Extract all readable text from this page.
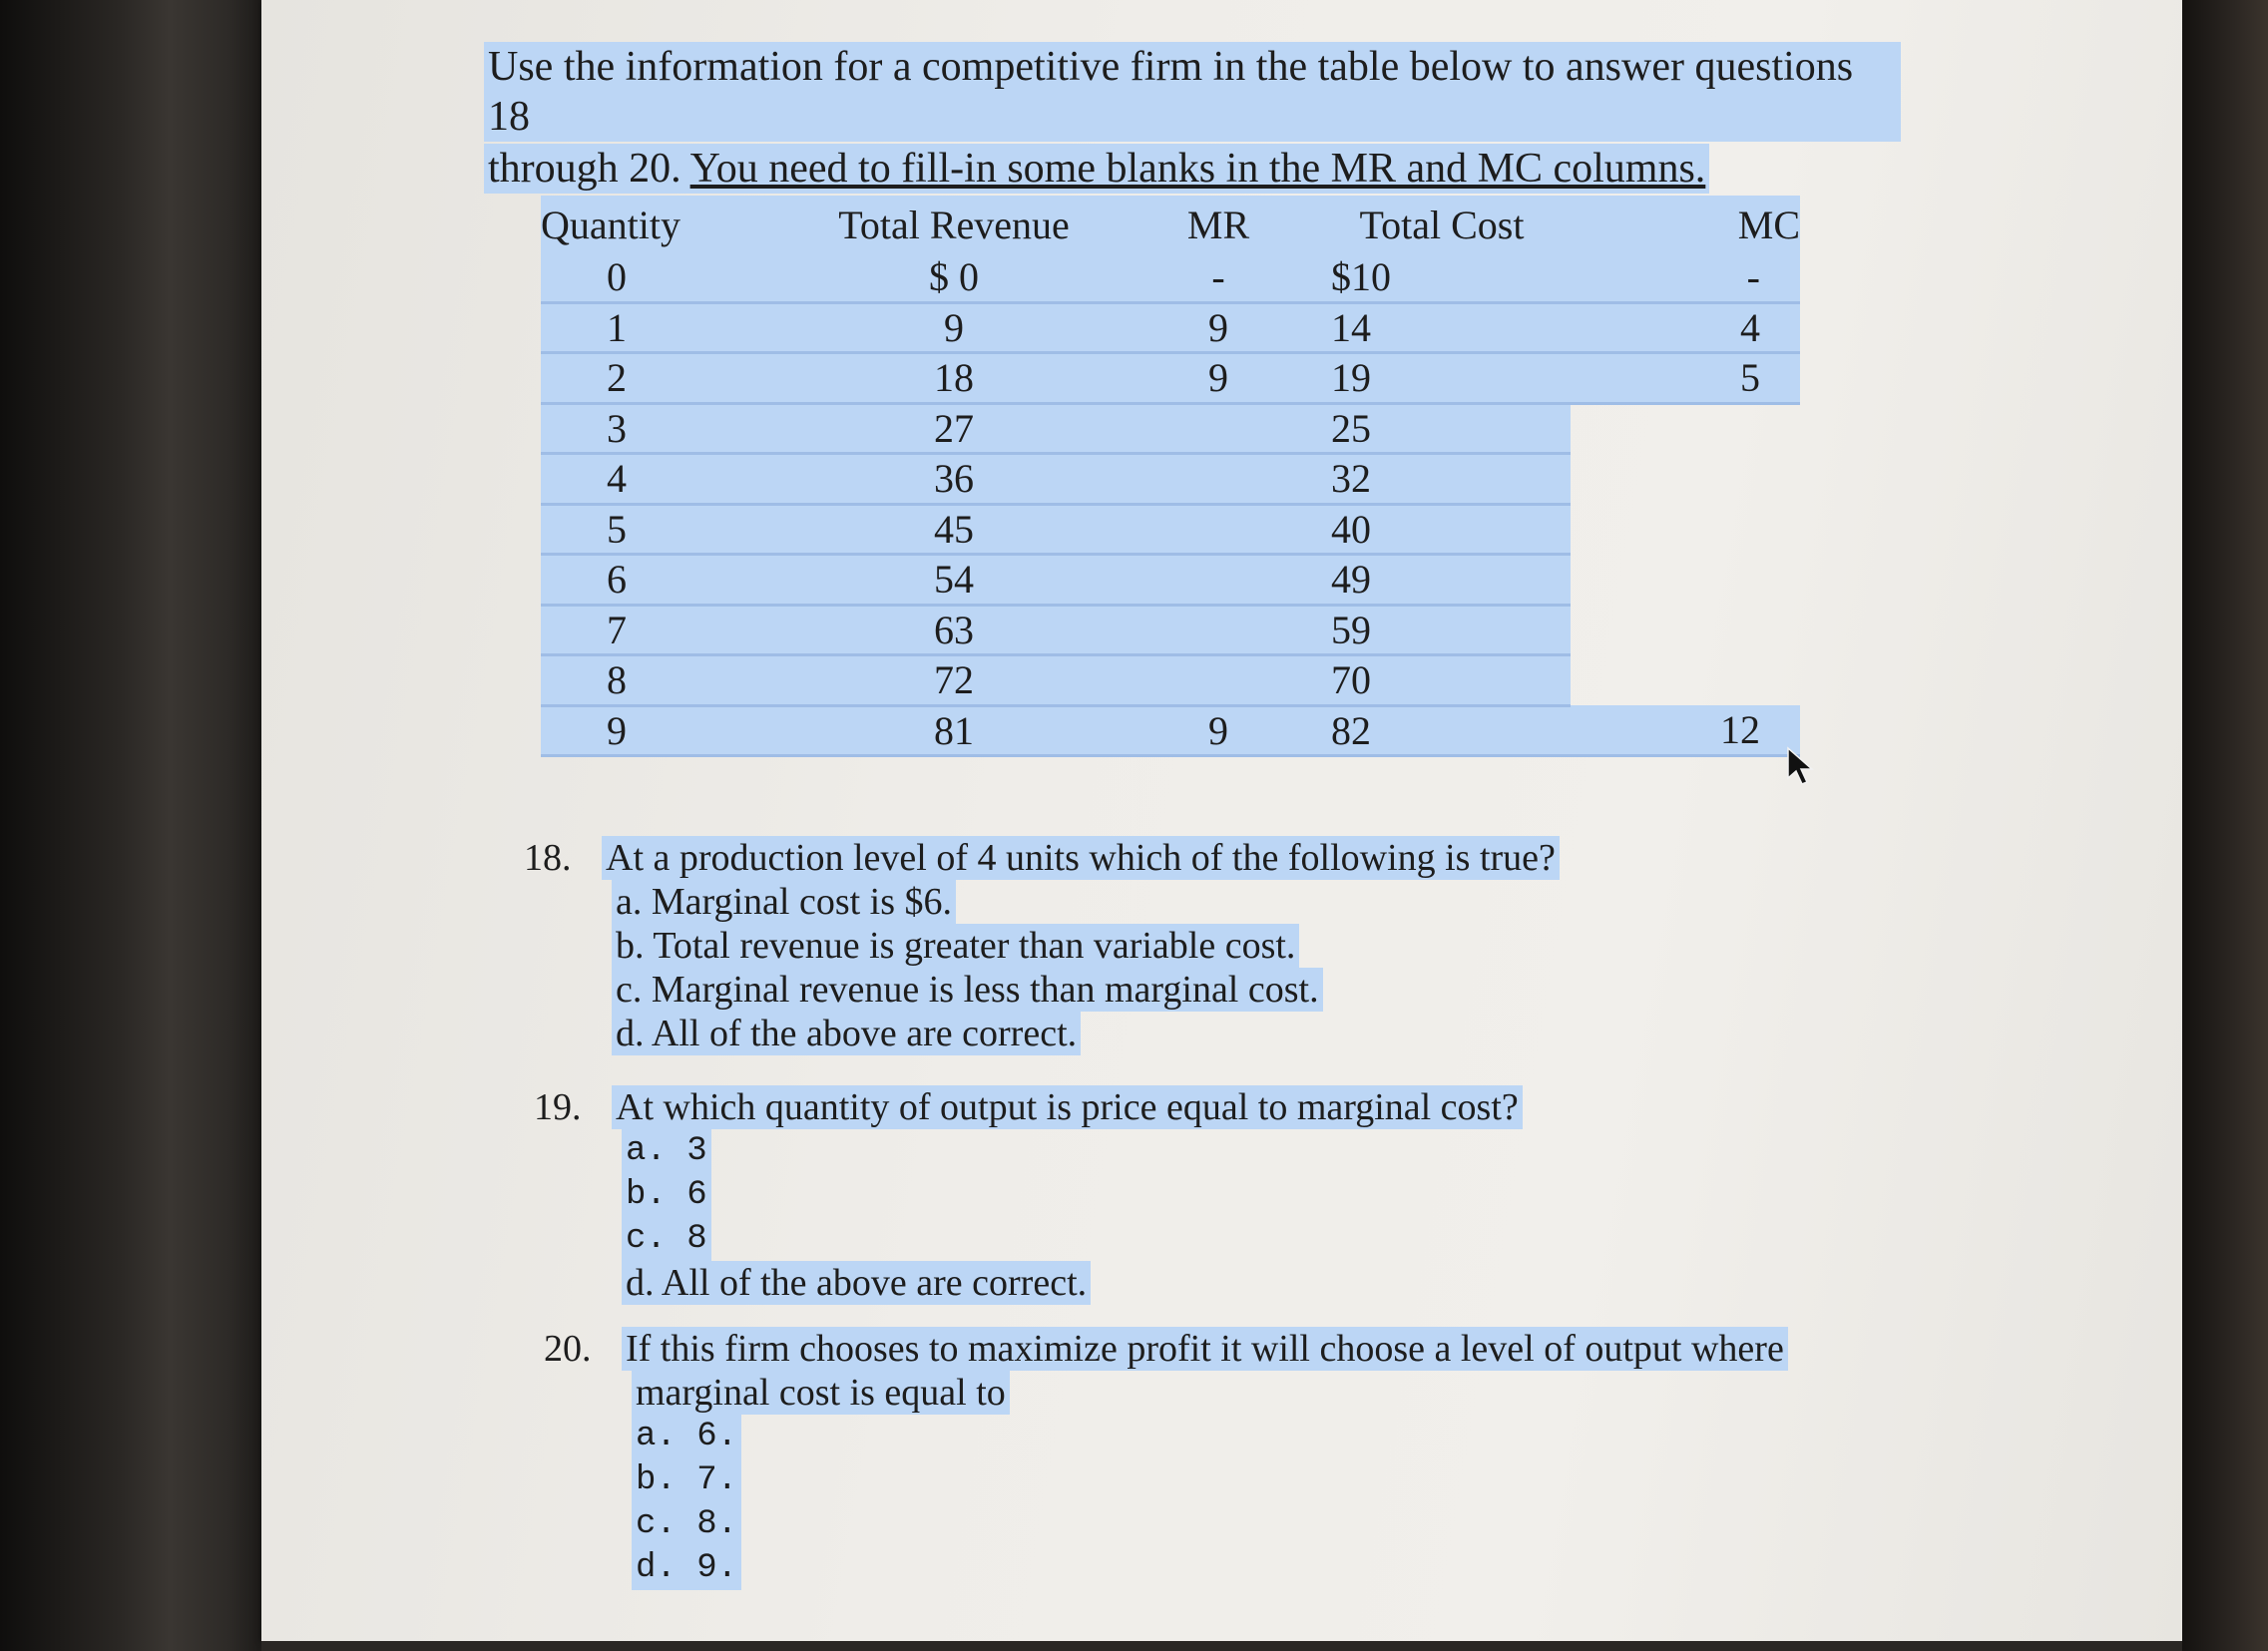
Use the information for a competitive firm in the table below to answer questions 18
through 20. You need to fill-in some blanks in the MR and MC columns.
Quantity	Total Revenue	MR	Total Cost	MC
0	$ 0	-	$10	-
1	9	9	14	4
2	18	9	19	5
3	27		25	
4	36		32	
5	45		40	
6	54		49	
7	63		59	
8	72		70	
9	81	9	82	12
18. At a production level of 4 units which of the following is true?
a. Marginal cost is $6.
b. Total revenue is greater than variable cost.
c. Marginal revenue is less than marginal cost.
d. All of the above are correct.
19. At which quantity of output is price equal to marginal cost?
a. 3
b. 6
c. 8
d. All of the above are correct.
20. If this firm chooses to maximize profit it will choose a level of output where
marginal cost is equal to
a. 6.
b. 7.
c. 8.
d. 9.
